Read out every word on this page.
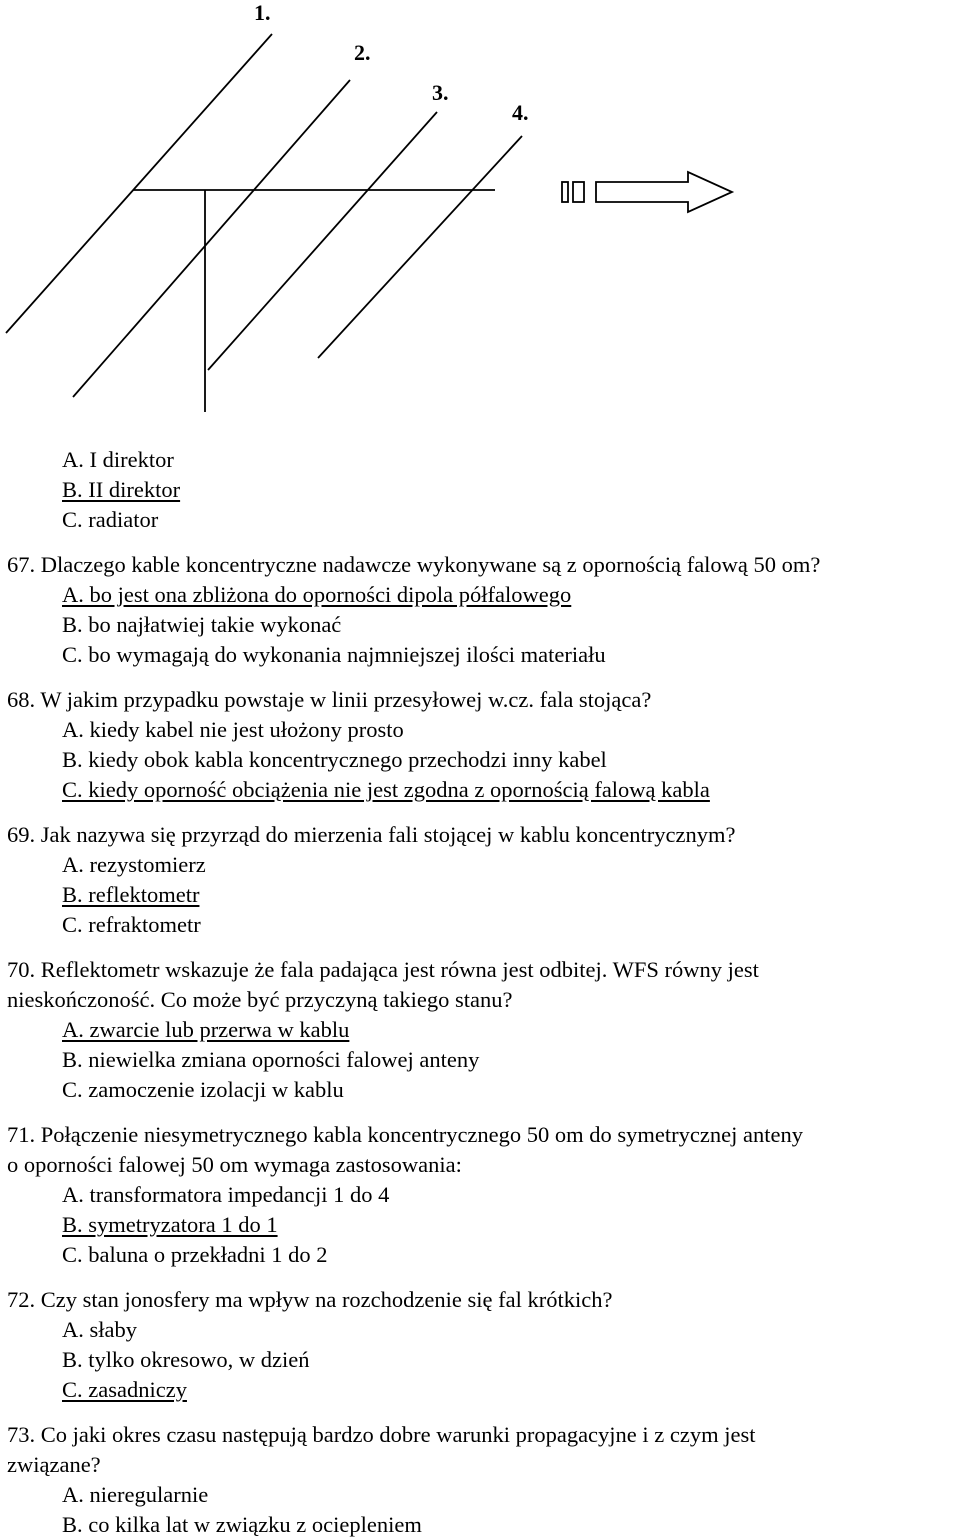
1.
2.
3.
4.
A. I direktor
B. II direktor
C. radiator
67. Dlaczego kable koncentryczne nadawcze wykonywane są z opornością falową 50 om?
A. bo jest ona zbliżona do oporności dipola półfalowego
B. bo najłatwiej takie wykonać
C. bo wymagają do wykonania najmniejszej ilości materiału
68. W jakim przypadku powstaje w linii przesyłowej w.cz. fala stojąca?
A. kiedy kabel nie jest ułożony prosto
B. kiedy obok kabla koncentrycznego przechodzi inny kabel
C. kiedy oporność obciążenia nie jest zgodna z opornością falową kabla
69. Jak nazywa się przyrząd do mierzenia fali stojącej w kablu koncentrycznym?
A. rezystomierz
B. reflektometr
C. refraktometr
70. Reflektometr wskazuje że fala padająca jest równa jest odbitej. WFS równy jest
nieskończoność. Co może być przyczyną takiego stanu?
A. zwarcie lub przerwa w kablu
B. niewielka zmiana oporności falowej anteny
C. zamoczenie izolacji w kablu
71. Połączenie niesymetrycznego kabla koncentrycznego 50 om do symetrycznej anteny
o oporności falowej 50 om wymaga zastosowania:
A. transformatora impedancji 1 do 4
B. symetryzatora 1 do 1
C. baluna o przekładni 1 do 2
72. Czy stan jonosfery ma wpływ na rozchodzenie się fal krótkich?
A. słaby
B. tylko okresowo, w dzień
C. zasadniczy
73. Co jaki okres czasu następują bardzo dobre warunki propagacyjne i z czym jest
związane?
A. nieregularnie
B. co kilka lat w związku z ociepleniem
